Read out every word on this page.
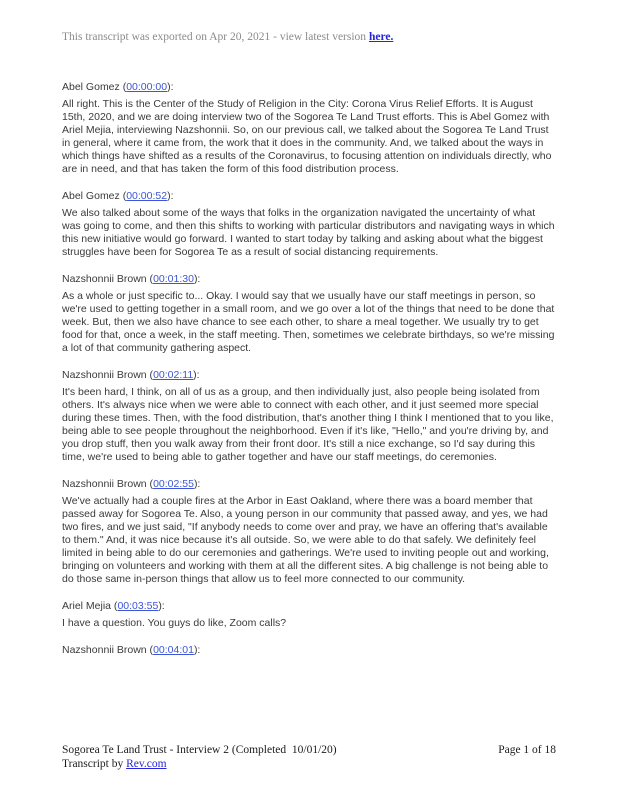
This transcript was exported on Apr 20, 2021 - view latest version here.
Abel Gomez (00:00:00):

All right. This is the Center of the Study of Religion in the City: Corona Virus Relief Efforts. It is August 15th, 2020, and we are doing interview two of the Sogorea Te Land Trust efforts. This is Abel Gomez with Ariel Mejia, interviewing Nazshonnii. So, on our previous call, we talked about the Sogorea Te Land Trust in general, where it came from, the work that it does in the community. And, we talked about the ways in which things have shifted as a results of the Coronavirus, to focusing attention on individuals directly, who are in need, and that has taken the form of this food distribution process.

Abel Gomez (00:00:52):

We also talked about some of the ways that folks in the organization navigated the uncertainty of what was going to come, and then this shifts to working with particular distributors and navigating ways in which this new initiative would go forward. I wanted to start today by talking and asking about what the biggest struggles have been for Sogorea Te as a result of social distancing requirements.

Nazshonnii Brown (00:01:30):

As a whole or just specific to... Okay. I would say that we usually have our staff meetings in person, so we're used to getting together in a small room, and we go over a lot of the things that need to be done that week. But, then we also have chance to see each other, to share a meal together. We usually try to get food for that, once a week, in the staff meeting. Then, sometimes we celebrate birthdays, so we're missing a lot of that community gathering aspect.

Nazshonnii Brown (00:02:11):

It's been hard, I think, on all of us as a group, and then individually just, also people being isolated from others. It's always nice when we were able to connect with each other, and it just seemed more special during these times. Then, with the food distribution, that's another thing I think I mentioned that to you like, being able to see people throughout the neighborhood. Even if it's like, "Hello," and you're driving by, and you drop stuff, then you walk away from their front door. It's still a nice exchange, so I'd say during this time, we're used to being able to gather together and have our staff meetings, do ceremonies.

Nazshonnii Brown (00:02:55):

We've actually had a couple fires at the Arbor in East Oakland, where there was a board member that passed away for Sogorea Te. Also, a young person in our community that passed away, and yes, we had two fires, and we just said, "If anybody needs to come over and pray, we have an offering that's available to them." And, it was nice because it's all outside. So, we were able to do that safely. We definitely feel limited in being able to do our ceremonies and gatherings. We're used to inviting people out and working, bringing on volunteers and working with them at all the different sites. A big challenge is not being able to do those same in-person things that allow us to feel more connected to our community.

Ariel Mejia (00:03:55):

I have a question. You guys do like, Zoom calls?

Nazshonnii Brown (00:04:01):
Sogorea Te Land Trust - Interview 2 (Completed  10/01/20)
Transcript by Rev.com
Page 1 of 18
